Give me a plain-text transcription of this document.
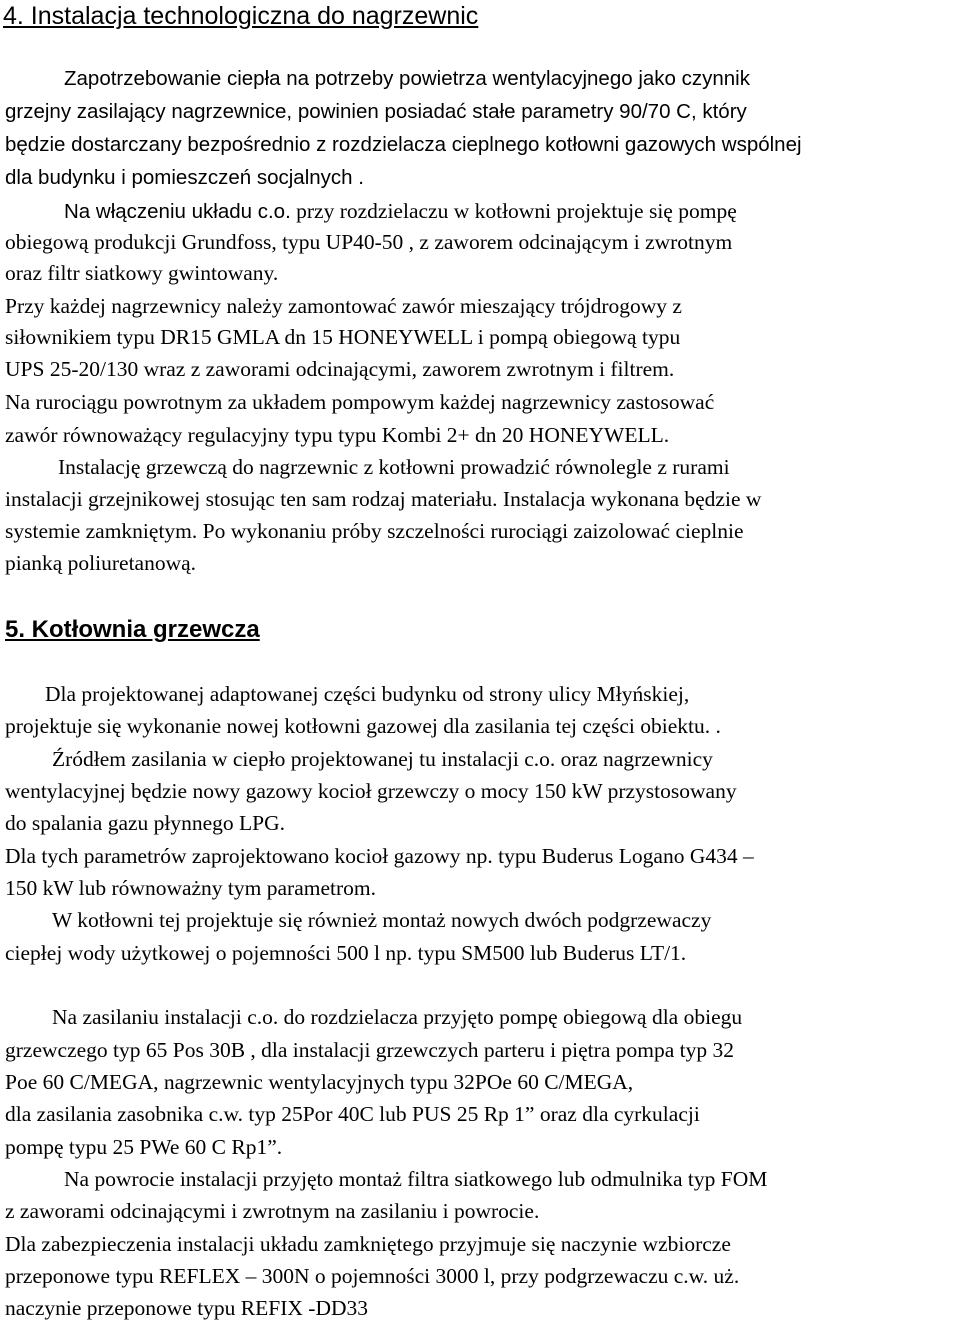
4. Instalacja technologiczna do nagrzewnic
Zapotrzebowanie ciepła na potrzeby powietrza wentylacyjnego jako czynnik
grzejny zasilający nagrzewnice, powinien posiadać stałe parametry 90/70 C, który
będzie dostarczany bezpośrednio z rozdzielacza cieplnego kotłowni gazowych wspólnej
dla budynku i pomieszczeń socjalnych .
Na włączeniu układu c.o. przy rozdzielaczu w kotłowni projektuje się pompę
obiegową produkcji Grundfoss, typu UP40-50 , z zaworem odcinającym i zwrotnym
oraz filtr siatkowy gwintowany.
Przy każdej nagrzewnicy należy zamontować zawór mieszający trójdrogowy z
siłownikiem typu DR15 GMLA dn 15 HONEYWELL i pompą obiegową typu
UPS 25-20/130 wraz z zaworami odcinającymi, zaworem zwrotnym i filtrem.
Na rurociągu powrotnym za układem pompowym każdej nagrzewnicy zastosować
zawór równoważący regulacyjny typu typu Kombi 2+ dn 20 HONEYWELL.
Instalację grzewczą do nagrzewnic z kotłowni prowadzić równolegle z rurami
instalacji grzejnikowej stosując ten sam rodzaj materiału. Instalacja wykonana będzie w
systemie zamkniętym. Po wykonaniu próby szczelności rurociągi zaizolować cieplnie
pianką poliuretanową.
5. Kotłownia grzewcza
Dla projektowanej adaptowanej części budynku od strony ulicy Młyńskiej,
projektuje się wykonanie nowej kotłowni gazowej dla zasilania tej części obiektu. .
Źródłem zasilania w ciepło projektowanej tu instalacji c.o. oraz nagrzewnicy
wentylacyjnej będzie nowy gazowy kocioł grzewczy o mocy 150 kW przystosowany
do spalania gazu płynnego LPG.
Dla tych parametrów zaprojektowano kocioł gazowy np. typu Buderus Logano G434 –
150 kW lub równoważny tym parametrom.
W kotłowni tej projektuje się również montaż nowych dwóch podgrzewaczy
ciepłej wody użytkowej o pojemności 500 l np. typu SM500 lub Buderus LT/1.
Na zasilaniu instalacji c.o. do rozdzielacza przyjęto pompę obiegową dla obiegu
grzewczego typ 65 Pos 30B , dla instalacji grzewczych parteru i piętra pompa typ 32
Poe 60 C/MEGA, nagrzewnic wentylacyjnych typu 32POe 60 C/MEGA,
dla zasilania zasobnika c.w. typ 25Por 40C lub PUS 25 Rp 1” oraz dla cyrkulacji
pompę typu 25 PWe 60 C Rp1”.
Na powrocie instalacji przyjęto montaż filtra siatkowego lub odmulnika typ FOM
z zaworami odcinającymi i zwrotnym na zasilaniu i powrocie.
Dla zabezpieczenia instalacji układu zamkniętego przyjmuje się naczynie wzbiorcze
przeponowe typu REFLEX – 300N o pojemności 3000 l, przy podgrzewaczu c.w. uż.
naczynie przeponowe typu REFIX -DD33
